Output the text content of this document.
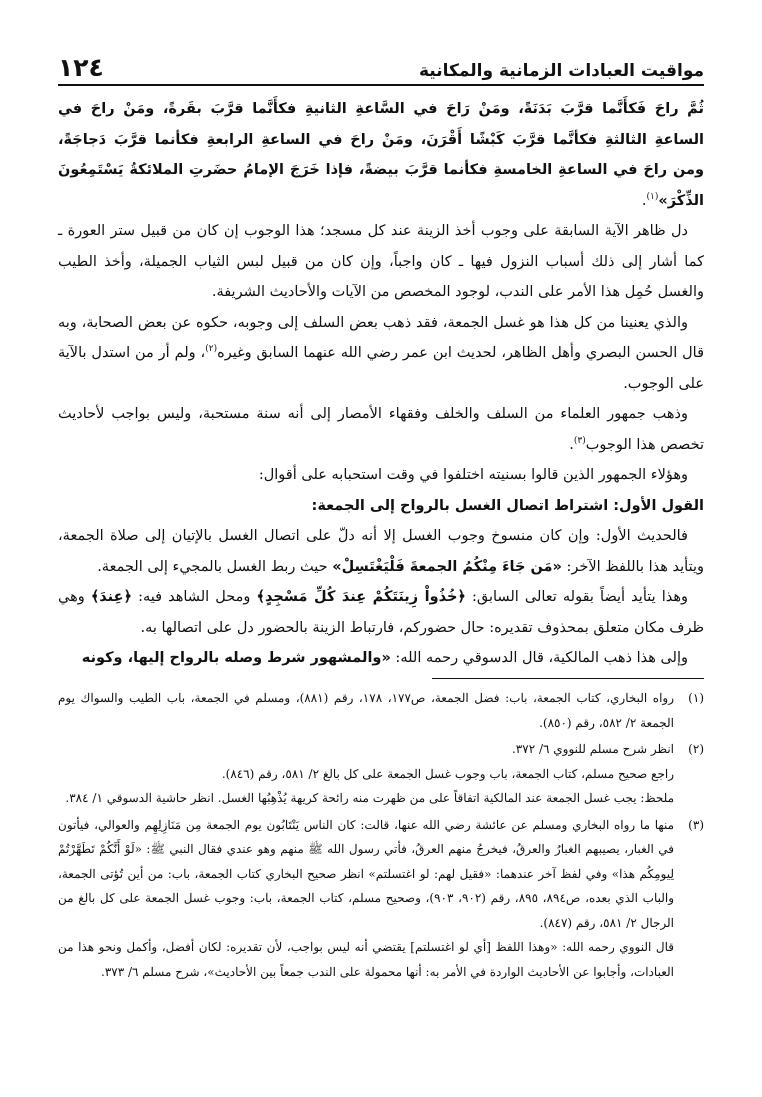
١٢٤	مواقيت العبادات الزمانية والمكانية

ثُمَّ راحَ فَكأَنَّما قرَّبَ بَدَنَةً، ومَنْ رَاحَ في السَّاعةِ الثانيةِ فكأَنَّما قرَّبَ بقَرةً، ومَنْ راحَ في الساعةِ الثالثةِ فكأنَّما قرَّبَ كَبْشًا أَقْرَنَ، ومَنْ راحَ في الساعةِ الرابعةِ فكأنما قرَّبَ دَجاجَةً، ومن راحَ في الساعةِ الخامسةِ فكأنما قرَّبَ بيضةً، فإذا خَرَجَ الإمامُ حضَرتِ الملائكةُ يَسْتَمِعُونَ الذِّكْرَ»$^{(١)}$.

دل ظاهر الآية السابقة على وجوب أخذ الزينة عند كل مسجد؛ هذا الوجوب إن كان من قبيل ستر العورة ـ كما أشار إلى ذلك أسباب النزول فيها ـ كان واجباً، وإن كان من قبيل لبس الثياب الجميلة، وأخذ الطيب والغسل حُمِل هذا الأمر على الندب، لوجود المخصص من الآيات والأحاديث الشريفة.

والذي يعنينا من كل هذا هو غسل الجمعة، فقد ذهب بعض السلف إلى وجوبه، حكوه عن بعض الصحابة، وبه قال الحسن البصري وأهل الظاهر، لحديث ابن عمر رضي الله عنهما السابق وغيره$^{(٢)}$، ولم أر من استدل بالآية على الوجوب.

وذهب جمهور العلماء من السلف والخلف وفقهاء الأمصار إلى أنه سنة مستحبة، وليس بواجب لأحاديث تخصص هذا الوجوب$^{(٣)}$.

وهؤلاء الجمهور الذين قالوا بسنيته اختلفوا في وقت استحبابه على أقوال:

القول الأول: اشتراط اتصال الغسل بالرواح إلى الجمعة:

فالحديث الأول: وإن كان منسوخ وجوب الغسل إلا أنه دلّ على اتصال الغسل بالإتيان إلى صلاة الجمعة، ويتأيد هذا باللفظ الآخر: «مَن جَاءَ مِنْكُمُ الجمعةَ فَلْيَغْتَسِلْ» حيث ربط الغسل بالمجيء إلى الجمعة.

وهذا يتأيد أيضاً بقوله تعالى السابق: ﴿خُذُواْ زِينَتَكُمْ عِندَ كُلِّ مَسْجِدٍ﴾ ومحل الشاهد فيه: ﴿عِندَ﴾ وهي ظرف مكان متعلق بمحذوف تقديره: حال حضوركم، فارتباط الزينة بالحضور دل على اتصالها به.

وإلى هذا ذهب المالكية، قال الدسوقي رحمه الله: «والمشهور شرط وصله بالرواح إليها، وكونه

(١)

رواه البخاري، كتاب الجمعة، باب: فضل الجمعة، ص١٧٧، ١٧٨، رقم (٨٨١)، ومسلم في الجمعة، باب الطيب والسواك يوم الجمعة ٢/ ٥٨٢، رقم (٨٥٠).

(٢)

انظر شرح مسلم للنووي ٦/ ٣٧٢.

راجع صحيح مسلم، كتاب الجمعة، باب وجوب غسل الجمعة على كل بالغ ٢/ ٥٨١، رقم (٨٤٦).

ملحظ: يجب غسل الجمعة عند المالكية اتفاقاً على من ظهرت منه رائحة كريهة يُذْهِبُها الغسل. انظر حاشية الدسوقي ١/ ٣٨٤.

(٣)

منها ما رواه البخاري ومسلم عن عائشة رضي الله عنها، قالت: كان الناس يَنْتَابُون يوم الجمعة مِن مَنَازِلِهِم والعوالي، فيأتون في الغبار، يصيبهم الغبارُ والعرقُ، فيخرجُ منهم العرقُ، فأتي رسول الله ﷺ منهم وهو عندي فقال النبي ﷺ: «لَوْ أَنَّكُمْ تَطَهَّرْتُمْ لِيومِكُم هذا» وفي لفظ آخر عندهما: «فقيل لهم: لو اغتسلتم» انظر صحيح البخاري كتاب الجمعة، باب: من أين تُؤتى الجمعة، والباب الذي بعده، ص٨٩٤، ٨٩٥، رقم (٩٠٢، ٩٠٣)، وصحيح مسلم، كتاب الجمعة، باب: وجوب غسل الجمعة على كل بالغ من الرجال ٢/ ٥٨١، رقم (٨٤٧).

قال النووي رحمه الله: «وهذا اللفظ [أي لو اغتسلتم] يقتضي أنه ليس بواجب، لأن تقديره: لكان أفضل، وأكمل ونحو هذا من العبادات، وأجابوا عن الأحاديث الواردة في الأمر به: أنها محمولة على الندب جمعاً بين الأحاديث»، شرح مسلم ٦/ ٣٧٣.
